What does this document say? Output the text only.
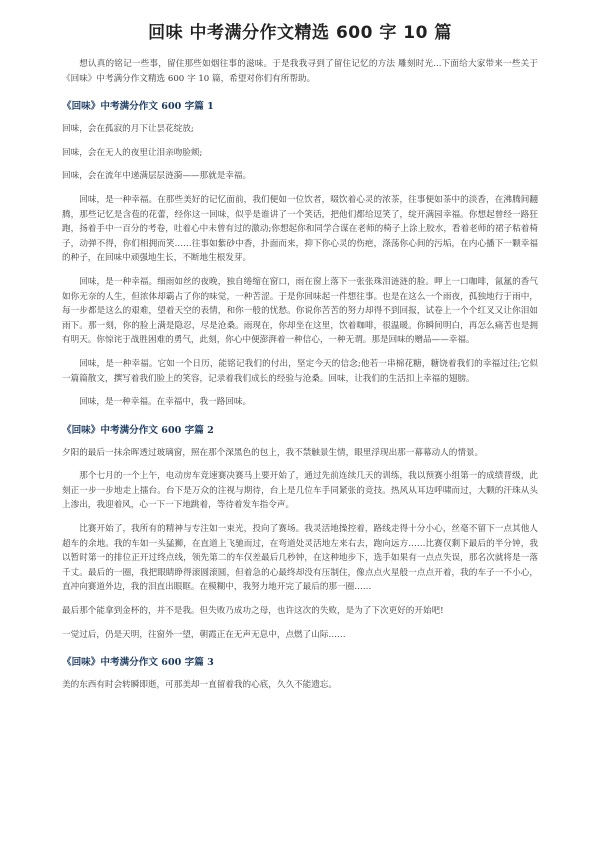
回味 中考满分作文精选 600 字 10 篇

想认真的铭记一些事，留住那些如烟往事的滋味。于是我我寻到了留住记忆的方法 雕刻时光...下面给大家带来一些关于《回味》中考满分作文精选 600 字 10 篇，希望对你们有所帮助。

《回味》中考满分作文 600 字篇 1

回味，会在孤寂的月下让昙花绽放;

回味，会在无人的夜里让泪亲吻脸颊;

回味，会在流年中递满层层涟漪——那就是幸福。

回味，是一种幸福。在那些美好的记忆面前，我们便如一位饮者，啜饮着心灵的浓茶，往事便如茶中的淡香，在沸腾间翻腾，那些记忆是含苞的花蕾，经你这一回味，似乎是谁讲了一个笑话，把他们都给逗笑了，绽开满园幸福。你想起曾经一路狂跑，扬着手中一百分的考卷，吐着心中未曾有过的激动;你想起你和同学合谋在老师的椅子上涂上胶水，看着老师的裙子粘着椅子，动弹不得，你们相拥而笑……往事如紫砂中香，扑面而来，抑下你心灵的伤疤，涤荡你心间的污垢，在内心播下一颗幸福的种子，在回味中顽强地生长，不断地生根发芽。

回味，是一种幸福。细雨如丝的夜晚，独自绻缩在窗口，雨在窗上落下一张张珠泪涟涟的脸。呷上一口咖啡，氤氲的香气如你无奈的人生，但浓体却霸占了你的味觉，一种苦涩。于是你回味起一件想往事。也是在这么一个雨夜，孤独地行于雨中，每一步都是这么的艰难，望着天空的表情，和你一般的忧愁。你说你苦苦的努力却得不到回报，试卷上一个个红叉又让你泪如雨下。那一刻，你的脸上满是隐忍，尽是沧桑。雨现在，你却坐在这里，饮着咖啡，很温暖。你瞬间明白，再怎么痛苦也是拥有明天。你惊诧于战胜困难的勇气，此刻，你心中便澎湃着一种信心，一种无谓。那是回味的赠品——幸福。

回味，是一种幸福。它如一个日历，能铭记我们的付出，坚定今天的信念;他若一串棉花糖，糖饶着我们的幸福过往;它似一篇篇散文，撰写着我们脸上的笑容，记录着我们成长的经验与沧桑。回味，让我们的生活扣上幸福的翅膀。

回味，是一种幸福。在幸福中，我一路回味。

《回味》中考满分作文 600 字篇 2

夕阳的最后一抹余晖透过玻璃窗，照在那个深黑色的包上，我不禁触景生情，眼里浮现出那一幕幕动人的情景。

那个七月的一个上午，电动房车竞速赛决赛马上要开始了，通过先前连续几天的训练，我以预赛小组第一的成绩晋级，此刻正一步一步地走上擂台。台下是万众的注视与期待，台上是几位车手同紧张的竞技。热风从耳边呼啸而过，大颗的汗珠从头上渗出，我迎着风，心一下一下地跳着，等待着发车指令声。

比赛开始了，我所有的精神与专注如一束光，投向了赛场。我灵活地操控着，路线走得十分小心，丝毫不留下一点其他人超车的余地。我的车如一头猛狮，在直道上飞驰而过，在弯道处灵活地左来右去，跑向远方……比赛仅剩下最后的半分钟，我以暂时第一的排位正开过终点线，领先第二的车仅差最后几秒钟，在这种地步下，选手如果有一点点失误，那名次就将是一落千丈。最后的一圈，我把眼睛睁得滚圆滚圆，但着急的心最终却没有压制住，像点点火星般一点点开着，我的车子一不小心，直冲向赛道外边，我的泪直出眼眶。在模糊中，我努力地开完了最后的那一圈……

最后那个能拿到金杯的，并不是我。但失败乃成功之母，也许这次的失败，是为了下次更好的开始吧!

一觉过后，仍是天明，往窗外一望，朝霞正在无声无息中，点燃了山际……

《回味》中考满分作文 600 字篇 3

美的东西有时会转瞬即逝，可那美却一直留着我的心底，久久不能遗忘。
